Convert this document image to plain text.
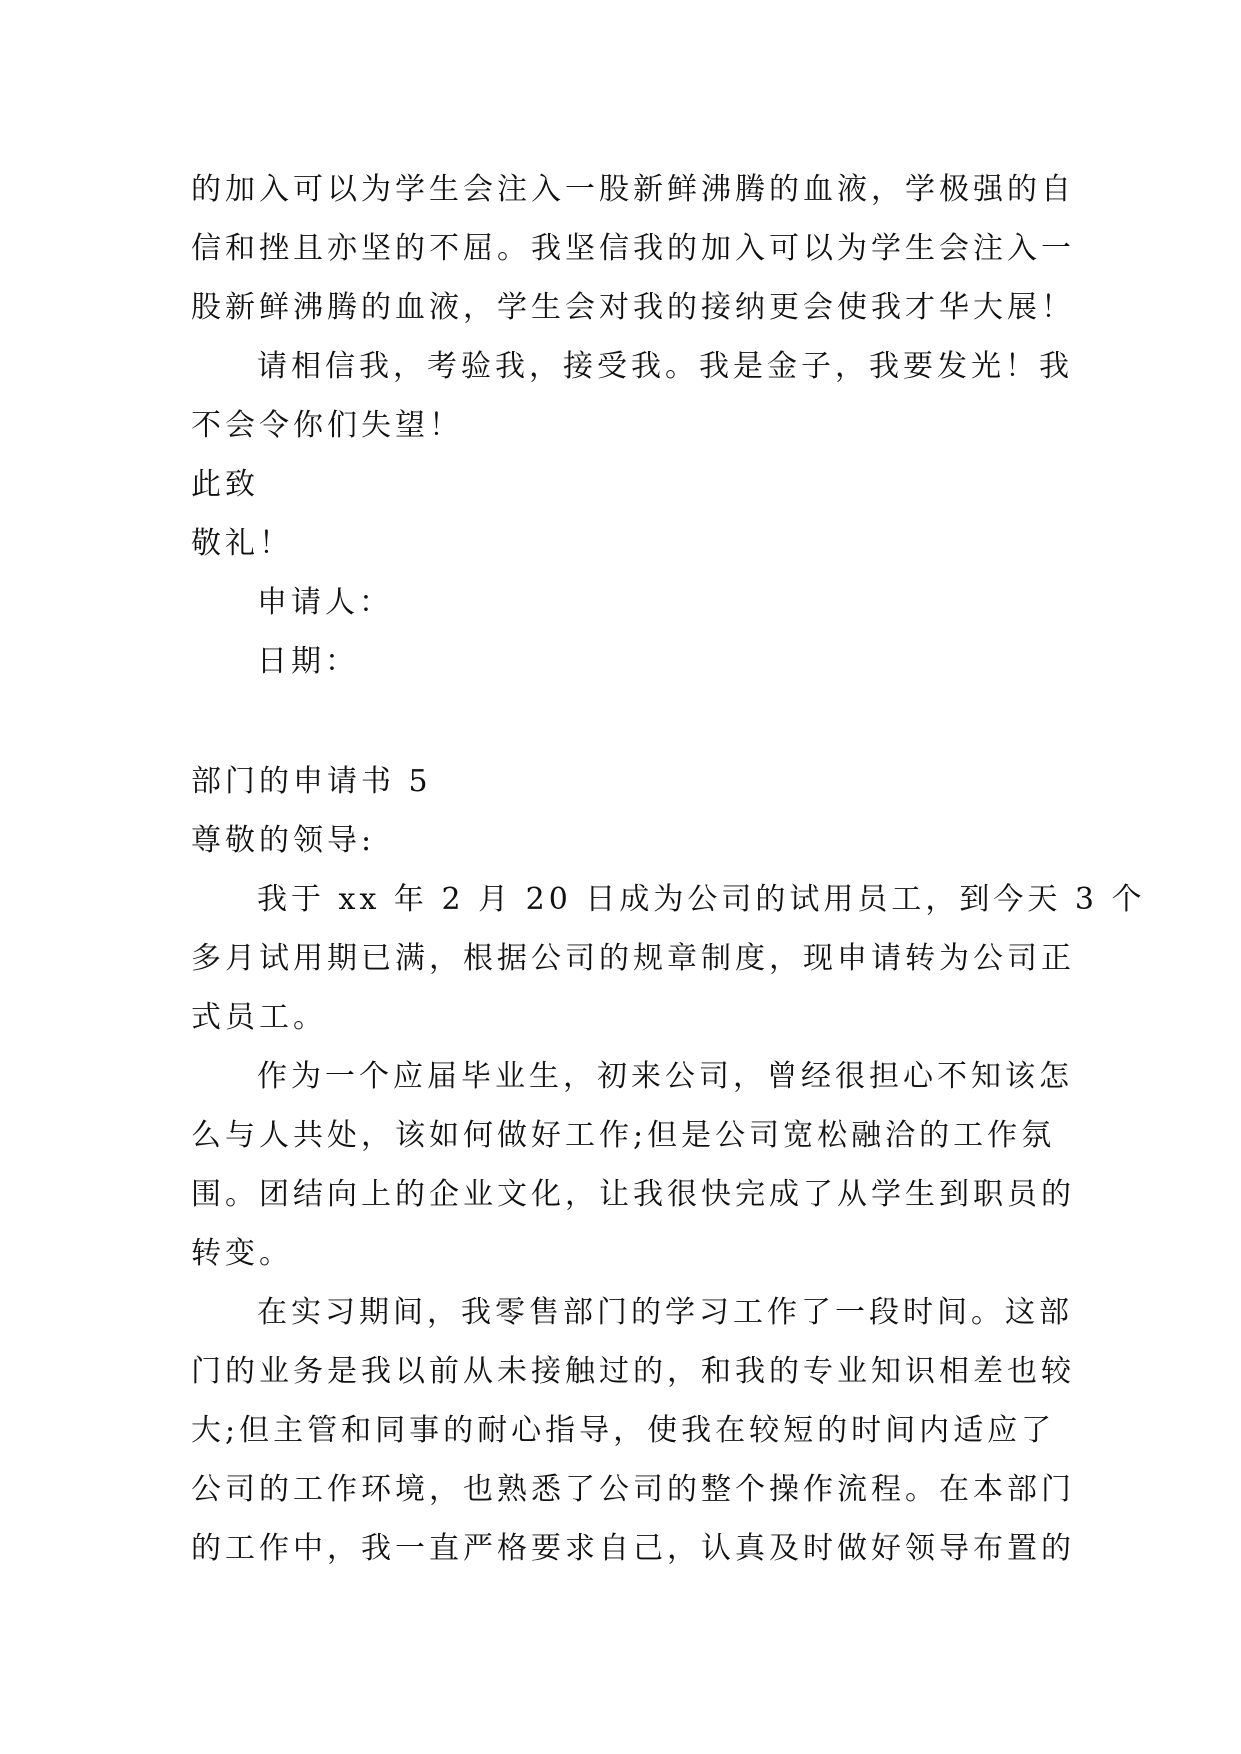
的加入可以为学生会注入一股新鲜沸腾的血液，学极强的自
信和挫且亦坚的不屈。我坚信我的加入可以为学生会注入一
股新鲜沸腾的血液，学生会对我的接纳更会使我才华大展！
请相信我，考验我，接受我。我是金子，我要发光！我
不会令你们失望！
此致
敬礼！
申请人：
日期：
部门的申请书 5
尊敬的领导:
我于 xx 年 2 月 20 日成为公司的试用员工，到今天 3 个
多月试用期已满，根据公司的规章制度，现申请转为公司正
式员工。
作为一个应届毕业生，初来公司，曾经很担心不知该怎
么与人共处，该如何做好工作;但是公司宽松融洽的工作氛
围。团结向上的企业文化，让我很快完成了从学生到职员的
转变。
在实习期间，我零售部门的学习工作了一段时间。这部
门的业务是我以前从未接触过的，和我的专业知识相差也较
大;但主管和同事的耐心指导，使我在较短的时间内适应了
公司的工作环境，也熟悉了公司的整个操作流程。在本部门
的工作中，我一直严格要求自己，认真及时做好领导布置的
